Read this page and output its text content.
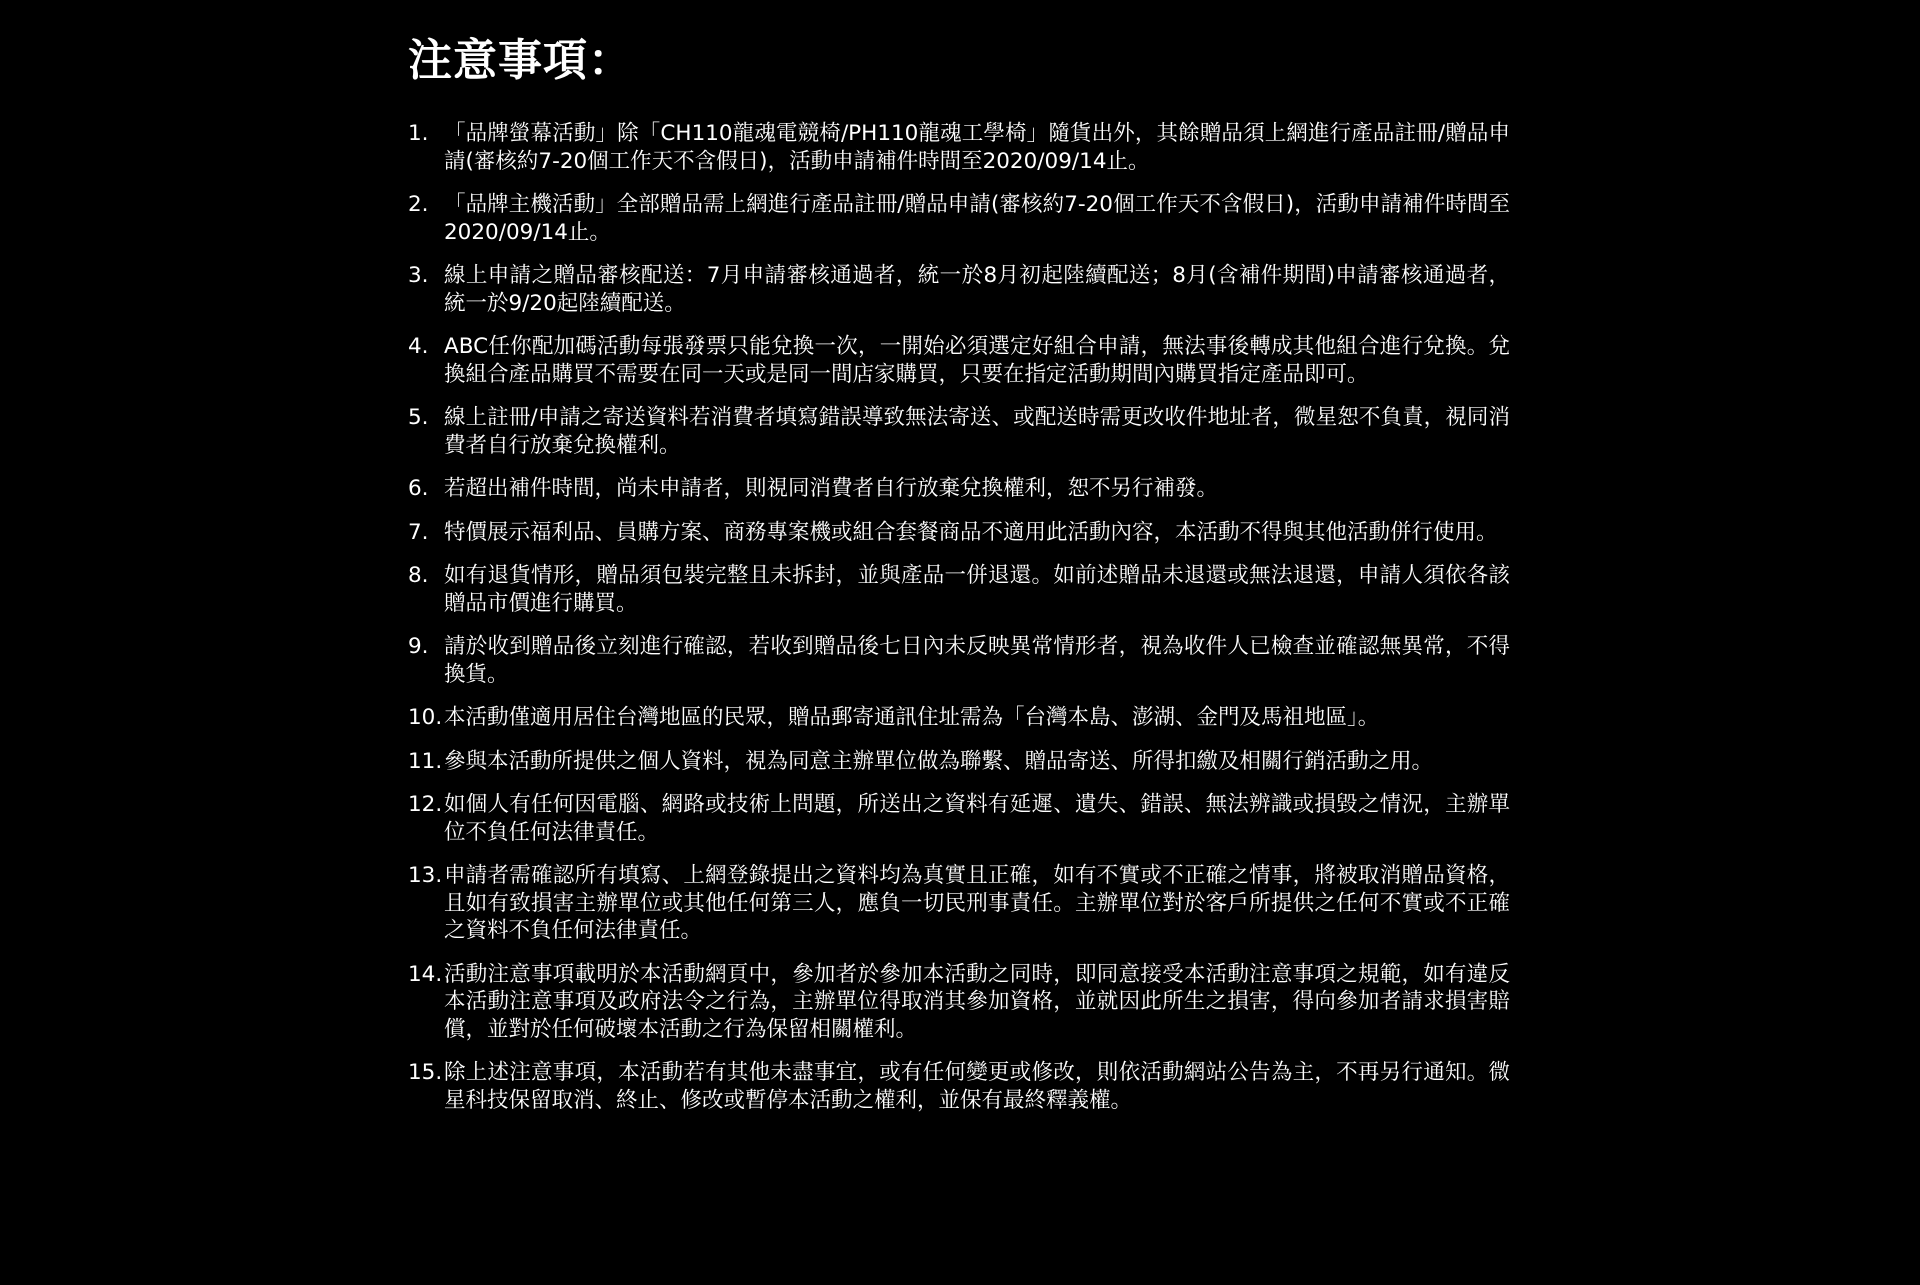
注意事項：
1. 「品牌螢幕活動」除「CH110龍魂電競椅/PH110龍魂工學椅」隨貨出外，其餘贈品須上網進行產品註冊/贈品申請(審核約7-20個工作天不含假日)，活動申請補件時間至2020/09/14止。
2. 「品牌主機活動」全部贈品需上網進行產品註冊/贈品申請(審核約7-20個工作天不含假日)，活動申請補件時間至2020/09/14止。
3. 線上申請之贈品審核配送：7月申請審核通過者，統一於8月初起陸續配送；8月(含補件期間)申請審核通過者，統一於9/20起陸續配送。
4. ABC任你配加碼活動每張發票只能兌換一次，一開始必須選定好組合申請，無法事後轉成其他組合進行兌換。兌換組合產品購買不需要在同一天或是同一間店家購買，只要在指定活動期間內購買指定產品即可。
5. 線上註冊/申請之寄送資料若消費者填寫錯誤導致無法寄送、或配送時需更改收件地址者，微星恕不負責，視同消費者自行放棄兌換權利。
6. 若超出補件時間，尚未申請者，則視同消費者自行放棄兌換權利，恕不另行補發。
7. 特價展示福利品、員購方案、商務專案機或組合套餐商品不適用此活動內容，本活動不得與其他活動併行使用。
8. 如有退貨情形，贈品須包裝完整且未拆封，並與產品一併退還。如前述贈品未退還或無法退還，申請人須依各該贈品市價進行購買。
9. 請於收到贈品後立刻進行確認，若收到贈品後七日內未反映異常情形者，視為收件人已檢查並確認無異常，不得換貨。
10. 本活動僅適用居住台灣地區的民眾，贈品郵寄通訊住址需為「台灣本島、澎湖、金門及馬祖地區」。
11. 參與本活動所提供之個人資料，視為同意主辦單位做為聯繫、贈品寄送、所得扣繳及相關行銷活動之用。
12. 如個人有任何因電腦、網路或技術上問題，所送出之資料有延遲、遺失、錯誤、無法辨識或損毀之情況，主辦單位不負任何法律責任。
13. 申請者需確認所有填寫、上網登錄提出之資料均為真實且正確，如有不實或不正確之情事，將被取消贈品資格，且如有致損害主辦單位或其他任何第三人，應負一切民刑事責任。主辦單位對於客戶所提供之任何不實或不正確之資料不負任何法律責任。
14. 活動注意事項載明於本活動網頁中，參加者於參加本活動之同時，即同意接受本活動注意事項之規範，如有違反本活動注意事項及政府法令之行為，主辦單位得取消其參加資格，並就因此所生之損害，得向參加者請求損害賠償，並對於任何破壞本活動之行為保留相關權利。
15. 除上述注意事項，本活動若有其他未盡事宜，或有任何變更或修改，則依活動網站公告為主，不再另行通知。微星科技保留取消、終止、修改或暫停本活動之權利，並保有最終釋義權。
